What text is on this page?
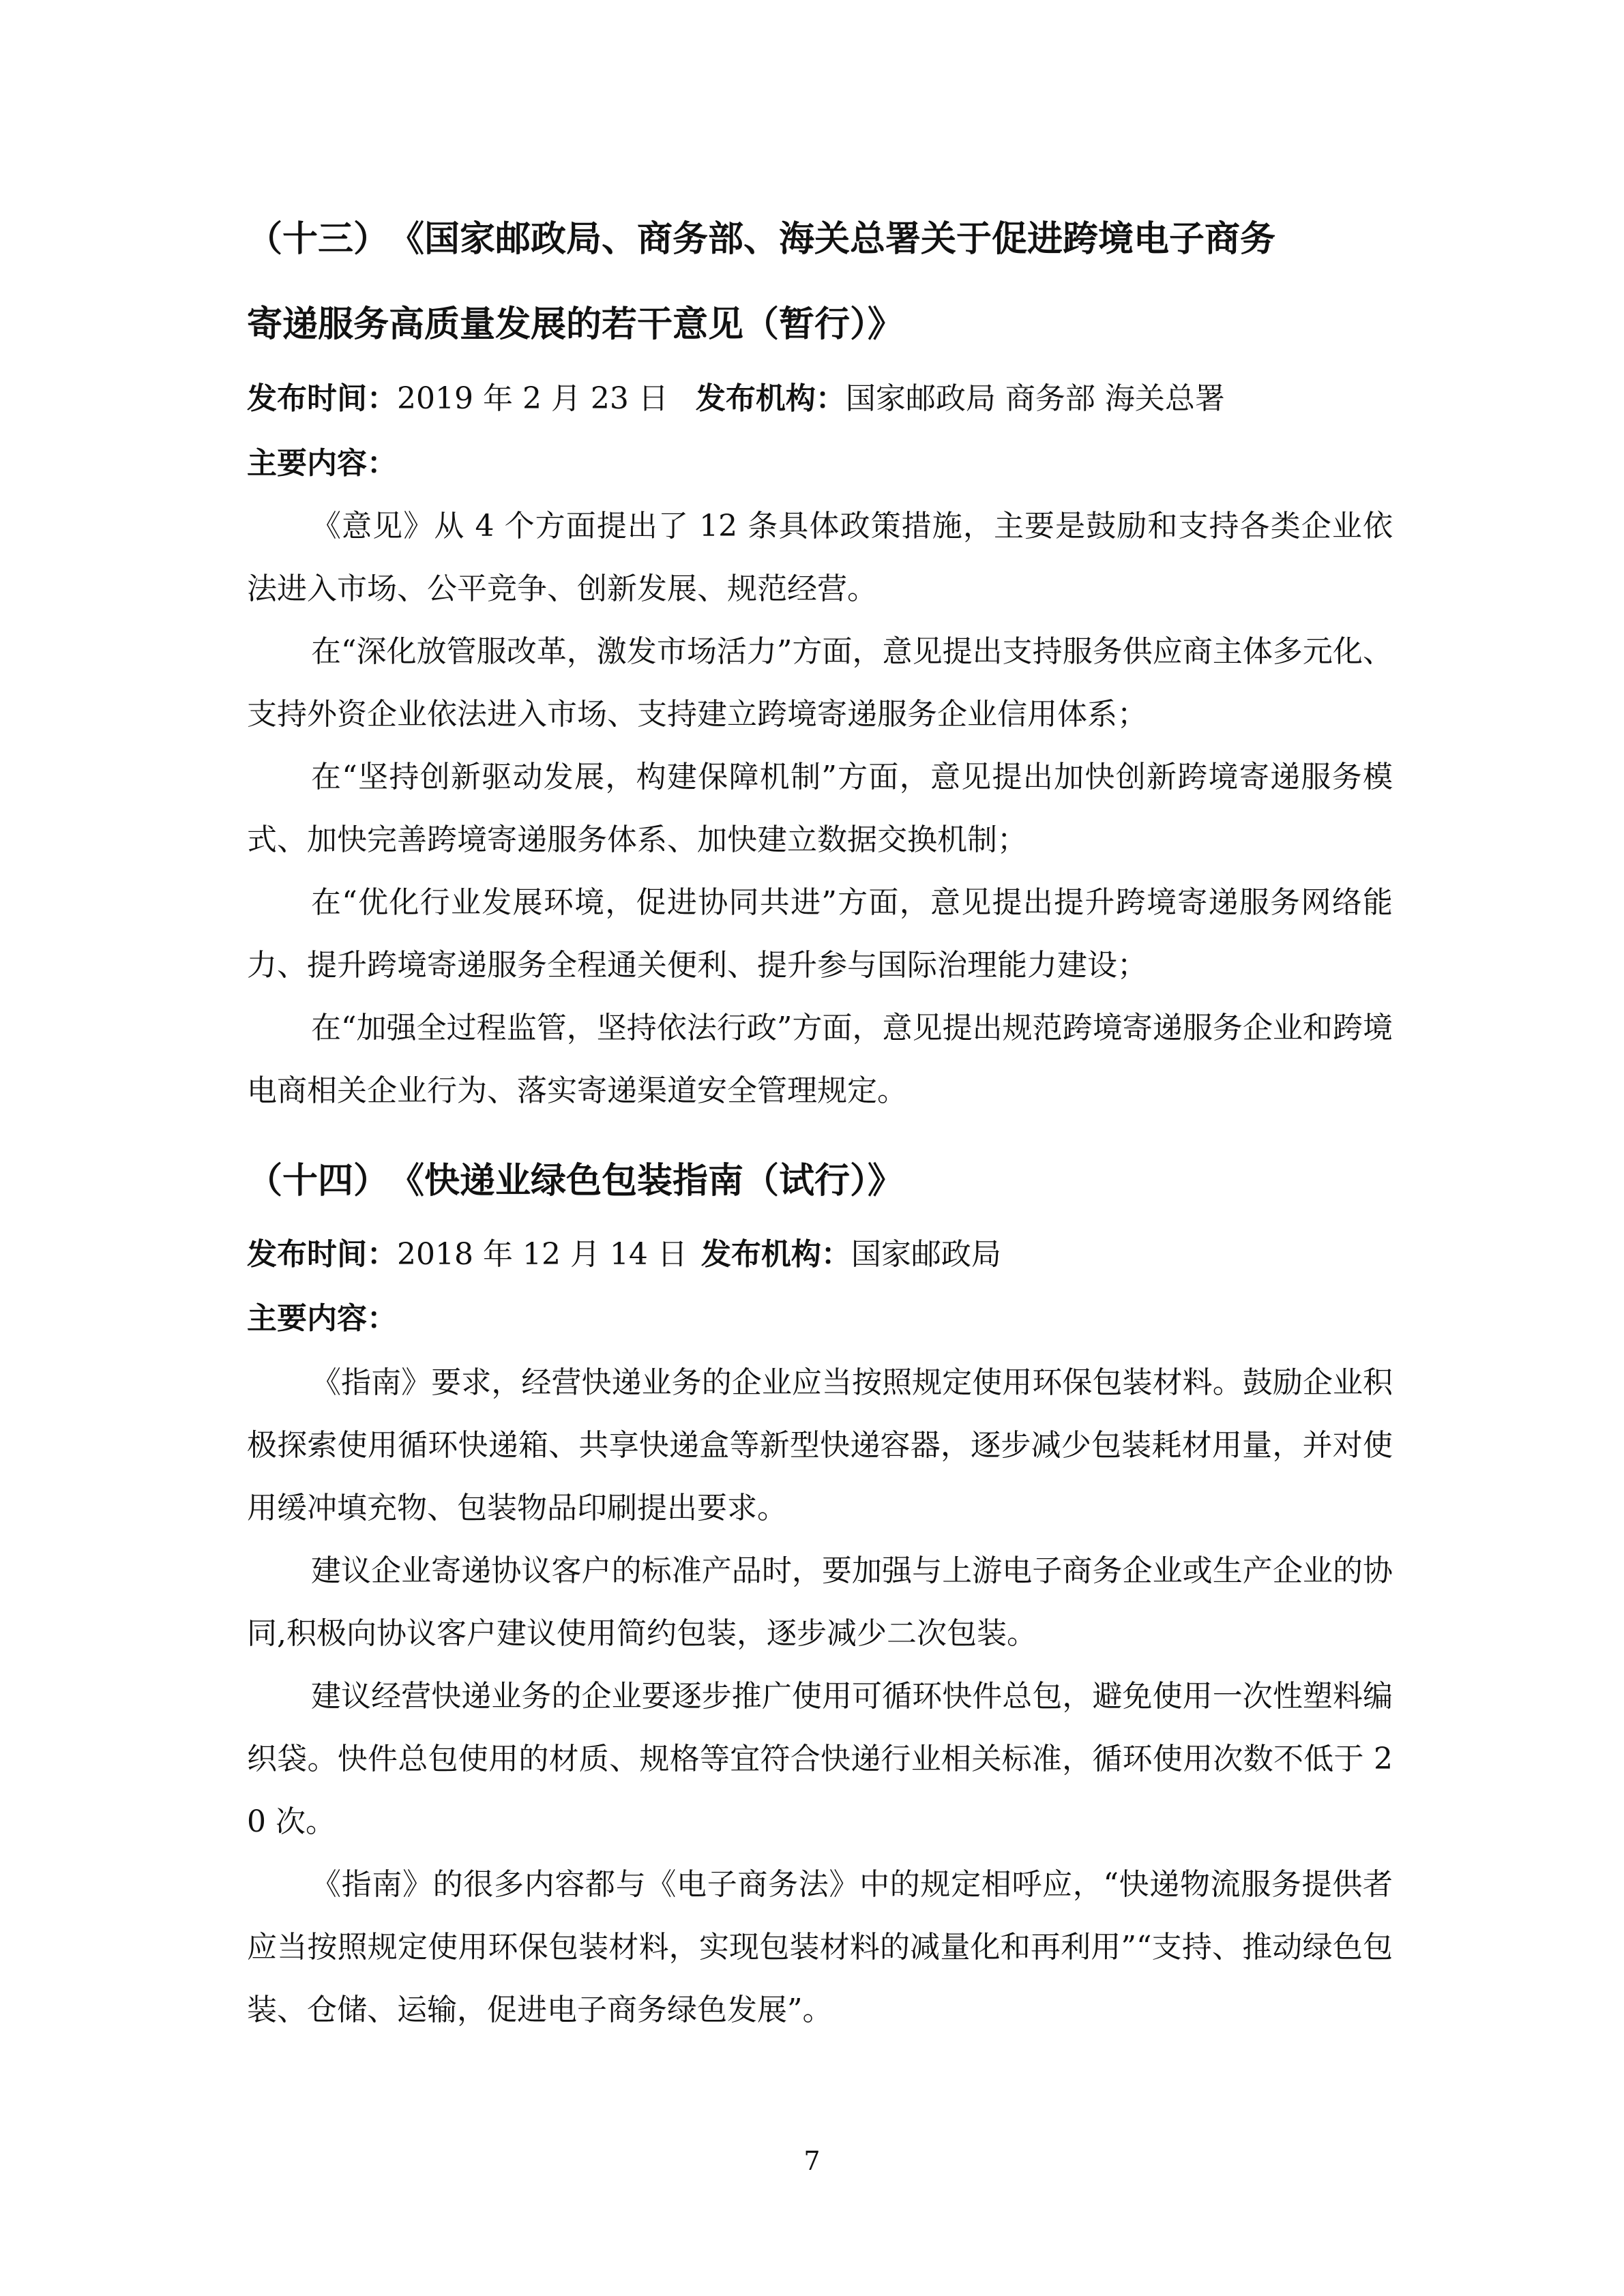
（十三）　《国家邮政局、商务部、海关总署关于促进跨境电子商务
寄递服务高质量发展的若干意见（暂行）》
发布时间：2019 年 2 月 23 日 发布机构：国家邮政局 商务部 海关总署
主要内容：

《意见》从 4 个方面提出了 12 条具体政策措施，主要是鼓励和支持各类企业依法进入市场、公平竞争、创新发展、规范经营。

在“深化放管服改革，激发市场活力”方面，意见提出支持服务供应商主体多元化、支持外资企业依法进入市场、支持建立跨境寄递服务企业信用体系；

在“坚持创新驱动发展，构建保障机制”方面，意见提出加快创新跨境寄递服务模式、加快完善跨境寄递服务体系、加快建立数据交换机制；

在“优化行业发展环境，促进协同共进”方面，意见提出提升跨境寄递服务网络能力、提升跨境寄递服务全程通关便利、提升参与国际治理能力建设；

在“加强全过程监管，坚持依法行政”方面，意见提出规范跨境寄递服务企业和跨境电商相关企业行为、落实寄递渠道安全管理规定。

（十四）　《快递业绿色包装指南（试行）》
发布时间：2018 年 12 月 14 日 发布机构：国家邮政局
主要内容：

《指南》要求，经营快递业务的企业应当按照规定使用环保包装材料。鼓励企业积极探索使用循环快递箱、共享快递盒等新型快递容器，逐步减少包装耗材用量，并对使用缓冲填充物、包装物品印刷提出要求。

建议企业寄递协议客户的标准产品时，要加强与上游电子商务企业或生产企业的协同,积极向协议客户建议使用简约包装，逐步减少二次包装。

建议经营快递业务的企业要逐步推广使用可循环快件总包，避免使用一次性塑料编织袋。快件总包使用的材质、规格等宜符合快递行业相关标准，循环使用次数不低于 20 次。

《指南》的很多内容都与《电子商务法》中的规定相呼应，“快递物流服务提供者应当按照规定使用环保包装材料，实现包装材料的减量化和再利用”“支持、推动绿色包装、仓储、运输，促进电子商务绿色发展”。

7
